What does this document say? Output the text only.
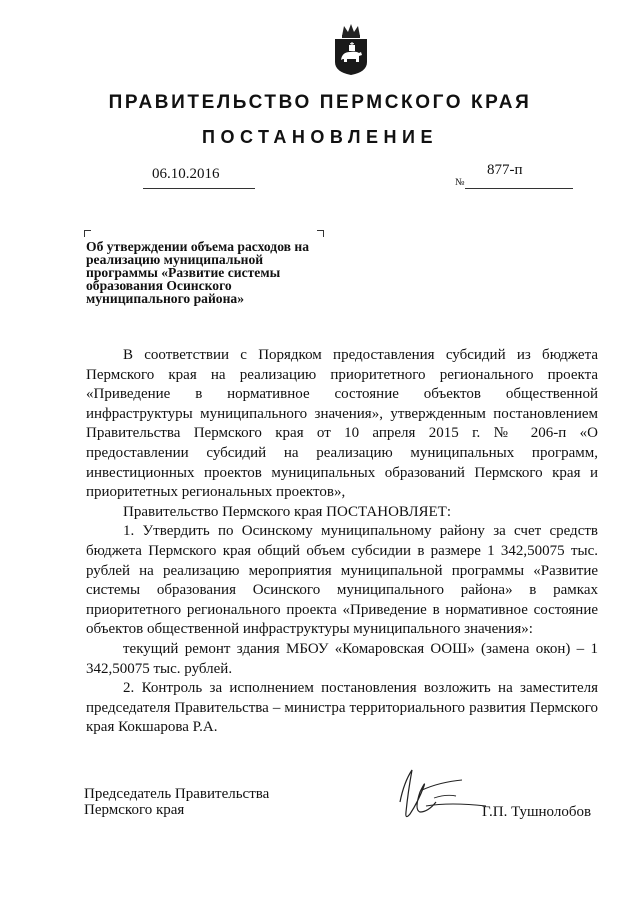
ПРАВИТЕЛЬСТВО ПЕРМСКОГО КРАЯ
ПОСТАНОВЛЕНИЕ
06.10.2016
№
877-п
Об утверждении объема расходов на реализацию муниципальной программы «Развитие системы образования Осинского муниципального района»

В соответствии с Порядком предоставления субсидий из бюджета Пермского края на реализацию приоритетного регионального проекта «Приведение в нормативное состояние объектов общественной инфраструктуры муниципального значения», утвержденным постановлением Правительства Пермского края от 10 апреля 2015 г. № 206-п «О предоставлении субсидий на реализацию муниципальных программ, инвестиционных проектов муниципальных образований Пермского края и приоритетных региональных проектов»,

Правительство Пермского края ПОСТАНОВЛЯЕТ:

1. Утвердить по Осинскому муниципальному району за счет средств бюджета Пермского края общий объем субсидии в размере 1 342,50075 тыс. рублей на реализацию мероприятия муниципальной программы «Развитие системы образования Осинского муниципального района» в рамках приоритетного регионального проекта «Приведение в нормативное состояние объектов общественной инфраструктуры муниципального значения»:

текущий ремонт здания МБОУ «Комаровская ООШ» (замена окон) – 1 342,50075 тыс. рублей.

2. Контроль за исполнением постановления возложить на заместителя председателя Правительства – министра территориального развития Пермского края Кокшарова Р.А.

Председатель Правительства
Пермского края	Г.П. Тушнолобов
